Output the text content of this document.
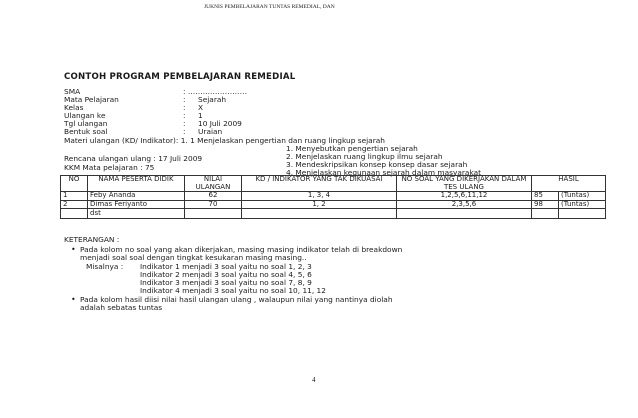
JUKNIS PEMBELAJARAN TUNTAS REMEDIAL, DAN
CONTOH PROGRAM PEMBELAJARAN REMEDIAL
SMA	: ……………………
Mata Pelajaran	: Sejarah
Kelas	: X
Ulangan ke	: 1
Tgl ulangan	: 10 Juli 2009
Bentuk soal	: Uraian
Materi ulangan (KD/ Indikator): 1. 1 Menjelaskan pengertian dan ruang lingkup sejarah
1. Menyebutkan pengertian sejarah
2. Menjelaskan ruang lingkup ilmu sejarah
3. Mendeskripsikan konsep konsep dasar sejarah
4. Menjelaskan kegunaan sejarah dalam masyarakat
Rencana ulangan ulang : 17 Juli 2009
KKM Mata pelajaran : 75
NO	NAMA PESERTA DIDIK	NILAI ULANGAN	KD / INDIKATOR YANG TAK DIKUASAI	NO SOAL YANG DIKERJAKAN DALAM TES ULANG	HASIL	
1	Feby Ananda	62	1, 3, 4	1,2,5,6,11,12	85	(Tuntas)
2	Dimas Feriyanto	70	1, 2	2,3,5,6	98	(Tuntas)
	dst					
KETERANGAN :
• Pada kolom no soal yang akan dikerjakan, masing masing indikator telah di breakdown
menjadi soal soal dengan tingkat kesukaran masing masing..
Misalnya : Indikator 1 menjadi 3 soal yaitu no soal 1, 2, 3
Indikator 2 menjadi 3 soal yaitu no soal 4, 5, 6
Indikator 3 menjadi 3 soal yaitu no soal 7, 8, 9
Indikator 4 menjadi 3 soal yaitu no soal 10, 11, 12
• Pada kolom hasil diisi nilai hasil ulangan ulang , walaupun nilai yang nantinya diolah
adalah sebatas tuntas
4
